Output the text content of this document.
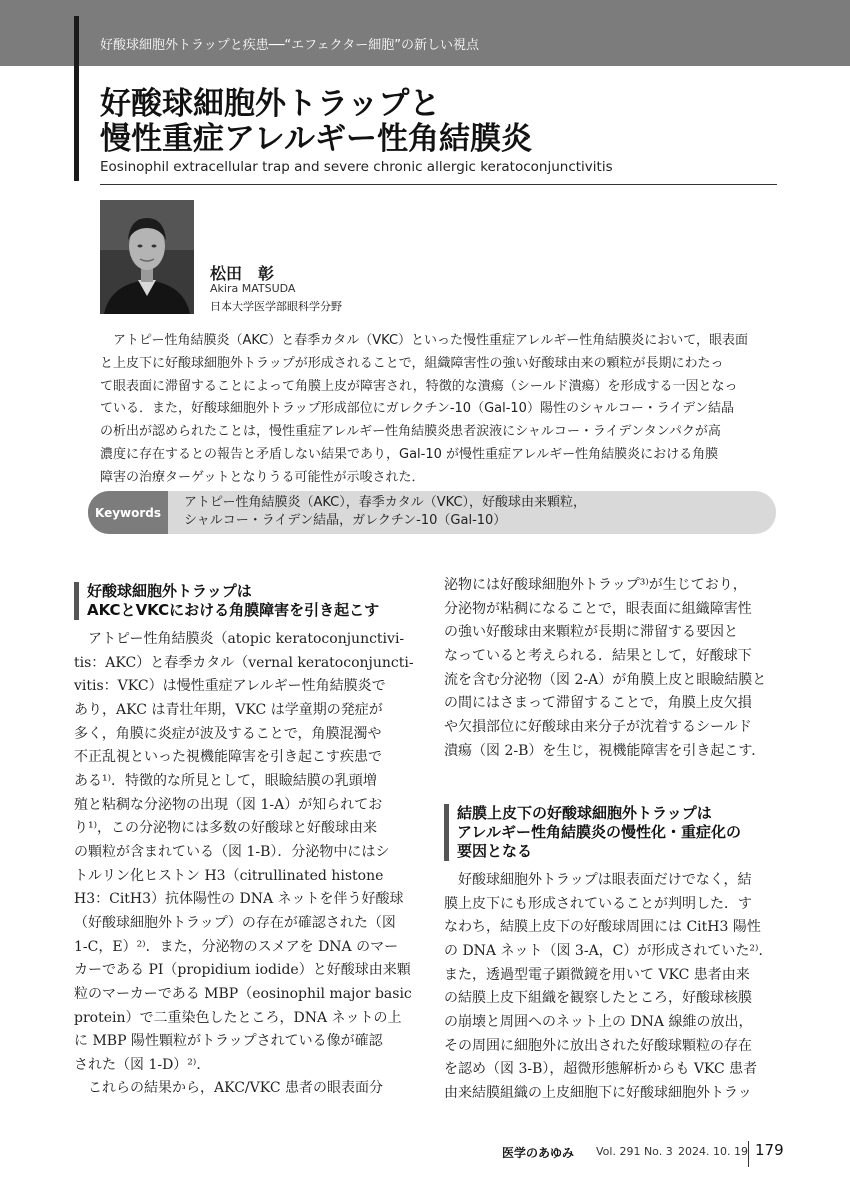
好酸球細胞外トラップと疾患──“エフェクター細胞”の新しい視点
好酸球細胞外トラップと
慢性重症アレルギー性角結膜炎
Eosinophil extracellular trap and severe chronic allergic keratoconjunctivitis
松田　彰
Akira MATSUDA
日本大学医学部眼科学分野
アトピー性角結膜炎（AKC）と春季カタル（VKC）といった慢性重症アレルギー性角結膜炎において，眼表面
と上皮下に好酸球細胞外トラップが形成されることで，組織障害性の強い好酸球由来の顆粒が長期にわたっ
て眼表面に滞留することによって角膜上皮が障害され，特徴的な潰瘍（シールド潰瘍）を形成する一因となっ
ている．また，好酸球細胞外トラップ形成部位にガレクチン-10（Gal-10）陽性のシャルコー・ライデン結晶
の析出が認められたことは，慢性重症アレルギー性角結膜炎患者涙液にシャルコー・ライデンタンパクが高
濃度に存在するとの報告と矛盾しない結果であり，Gal-10 が慢性重症アレルギー性角結膜炎における角膜
障害の治療ターゲットとなりうる可能性が示唆された．
Keywords
アトピー性角結膜炎（AKC），春季カタル（VKC），好酸球由来顆粒，
シャルコー・ライデン結晶，ガレクチン-10（Gal-10）
好酸球細胞外トラップは
AKCとVKCにおける角膜障害を引き起こす
アトピー性角結膜炎（atopic keratoconjunctivi-
tis：AKC）と春季カタル（vernal keratoconjuncti-
vitis：VKC）は慢性重症アレルギー性角結膜炎で
あり，AKC は青壮年期，VKC は学童期の発症が
多く，角膜に炎症が波及することで，角膜混濁や
不正乱視といった視機能障害を引き起こす疾患で
ある¹⁾．特徴的な所見として，眼瞼結膜の乳頭増
殖と粘稠な分泌物の出現（図 1-A）が知られてお
り¹⁾，この分泌物には多数の好酸球と好酸球由来
の顆粒が含まれている（図 1-B）．分泌物中にはシ
トルリン化ヒストン H3（citrullinated histone
H3：CitH3）抗体陽性の DNA ネットを伴う好酸球
（好酸球細胞外トラップ）の存在が確認された（図
1-C，E）²⁾．また，分泌物のスメアを DNA のマー
カーである PI（propidium iodide）と好酸球由来顆
粒のマーカーである MBP（eosinophil major basic
protein）で二重染色したところ，DNA ネットの上
に MBP 陽性顆粒がトラップされている像が確認
された（図 1-D）²⁾．
これらの結果から，AKC/VKC 患者の眼表面分
泌物には好酸球細胞外トラップ³⁾が生じており，
分泌物が粘稠になることで，眼表面に組織障害性
の強い好酸球由来顆粒が長期に滞留する要因と
なっていると考えられる．結果として，好酸球下
流を含む分泌物（図 2-A）が角膜上皮と眼瞼結膜と
の間にはさまって滞留することで，角膜上皮欠損
や欠損部位に好酸球由来分子が沈着するシールド
潰瘍（図 2-B）を生じ，視機能障害を引き起こす．
結膜上皮下の好酸球細胞外トラップは
アレルギー性角結膜炎の慢性化・重症化の
要因となる
好酸球細胞外トラップは眼表面だけでなく，結
膜上皮下にも形成されていることが判明した．す
なわち，結膜上皮下の好酸球周囲には CitH3 陽性
の DNA ネット（図 3-A，C）が形成されていた²⁾．
また，透過型電子顕微鏡を用いて VKC 患者由来
の結膜上皮下組織を観察したところ，好酸球核膜
の崩壊と周囲へのネット上の DNA 線維の放出，
その周囲に細胞外に放出された好酸球顆粒の存在
を認め（図 3-B），超微形態解析からも VKC 患者
由来結膜組織の上皮細胞下に好酸球細胞外トラッ
医学のあゆみ Vol. 291 No. 3 2024. 10. 19 179
